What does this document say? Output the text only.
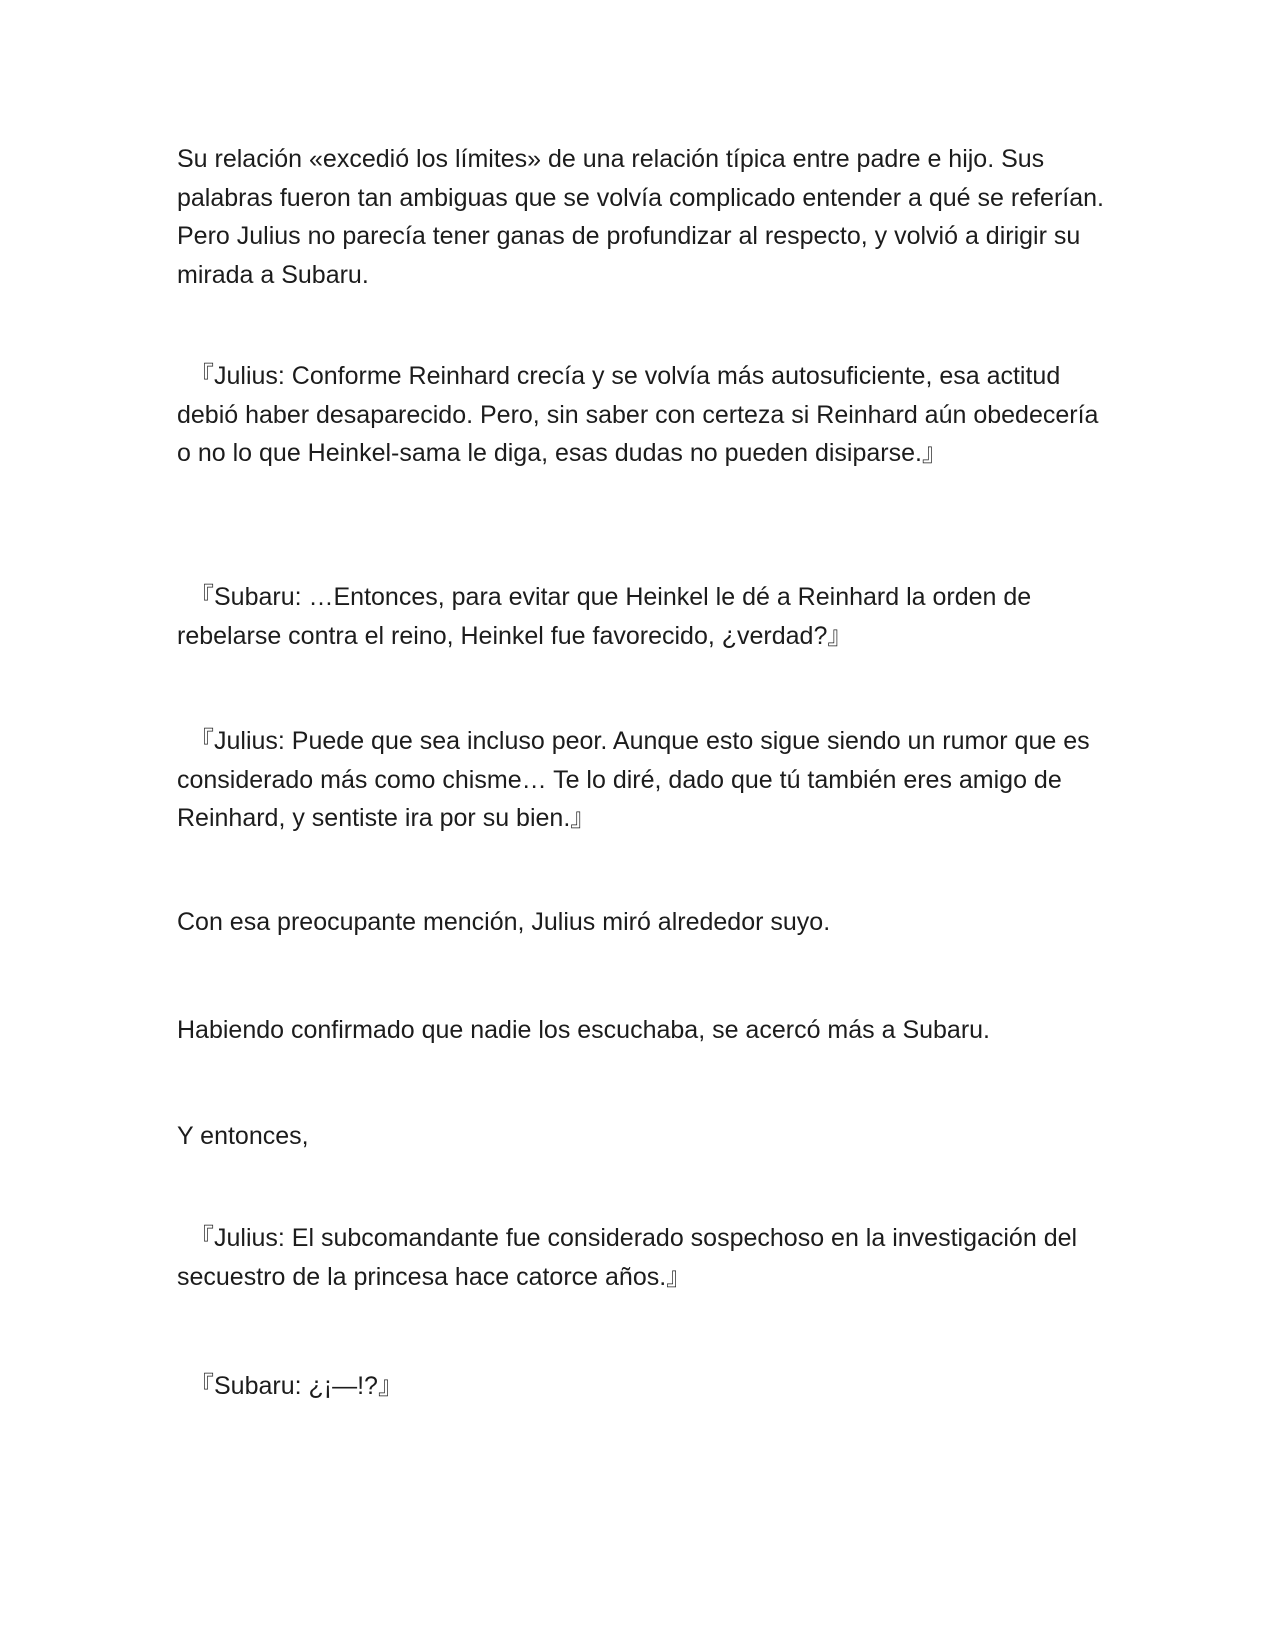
Su relación «excedió los límites» de una relación típica entre padre e hijo. Sus palabras fueron tan ambiguas que se volvía complicado entender a qué se referían. Pero Julius no parecía tener ganas de profundizar al respecto, y volvió a dirigir su mirada a Subaru.

『Julius: Conforme Reinhard crecía y se volvía más autosuficiente, esa actitud debió haber desaparecido. Pero, sin saber con certeza si Reinhard aún obedecería o no lo que Heinkel-sama le diga, esas dudas no pueden disiparse.』

『Subaru: …Entonces, para evitar que Heinkel le dé a Reinhard la orden de rebelarse contra el reino, Heinkel fue favorecido, ¿verdad?』

『Julius: Puede que sea incluso peor. Aunque esto sigue siendo un rumor que es considerado más como chisme… Te lo diré, dado que tú también eres amigo de Reinhard, y sentiste ira por su bien.』

Con esa preocupante mención, Julius miró alrededor suyo.

Habiendo confirmado que nadie los escuchaba, se acercó más a Subaru.

Y entonces,

『Julius: El subcomandante fue considerado sospechoso en la investigación del secuestro de la princesa hace catorce años.』

『Subaru: ¿¡—!?』
